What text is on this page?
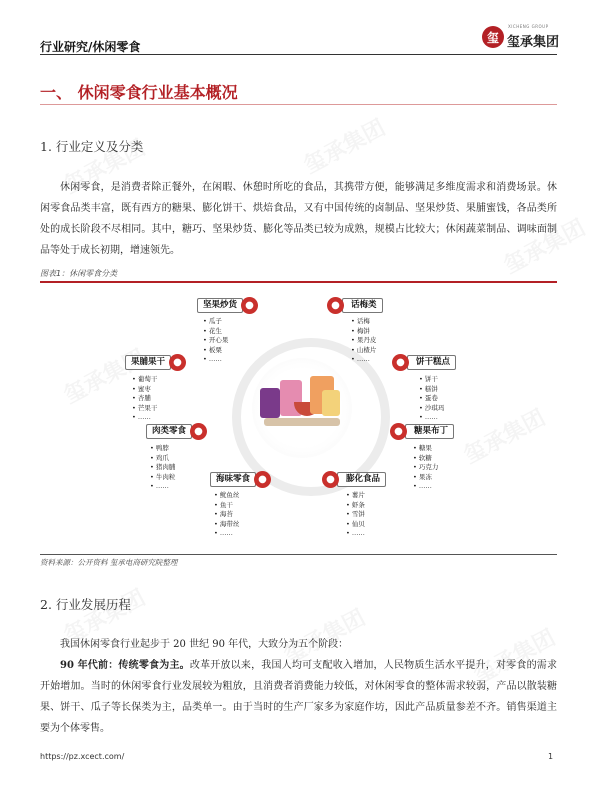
行业研究/休闲零食
玺
XICHENG GROUP
玺承集团
一、 休闲零食行业基本概况
1. 行业定义及分类
休闲零食，是消费者除正餐外，在闲暇、休憩时所吃的食品，其携带方便，能够满足多维度需求和消费场景。休闲零食品类丰富，既有西方的糖果、膨化饼干、烘焙食品，又有中国传统的卤制品、坚果炒货、果脯蜜饯，各品类所处的成长阶段不尽相同。其中，糖巧、坚果炒货、膨化等品类已较为成熟，规模占比较大；休闲蔬菜制品、调味面制品等处于成长初期，增速领先。
图表1：休闲零食分类
坚果炒货 ●
• 瓜子
• 花生
• 开心果
• 板栗
• ……
●	话梅类
• 话梅
• 梅饼
• 果丹皮
• 山楂片
• ……	●	饼干糕点
• 饼干
• 糕饼
• 蛋卷
• 沙琪玛
• ……
●	糖果布丁
• 糖果
• 软糖
• 巧克力
• 果冻
• ……
●	膨化食品
• 薯片
• 虾条
• 雪饼
• 仙贝
• ……
海味零食 ●
• 鱿鱼丝
• 鱼干
• 海苔
• 海带丝
• ……
肉类零食 ●
• 鸭脖
• 鸡爪
• 猪肉脯
• 牛肉粒
• ……
果脯果干 ●
• 葡萄干
• 蜜枣
• 杏脯
• 芒果干
• ……
资料来源：公开资料 玺承电商研究院整理
2. 行业发展历程
我国休闲零食行业起步于 20 世纪 90 年代，大致分为五个阶段：
90 年代前：传统零食为主。改革开放以来，我国人均可支配收入增加，人民物质生活水平提升，对零食的需求开始增加。当时的休闲零食行业发展较为粗放，且消费者消费能力较低，对休闲零食的整体需求较弱，产品以散装糖果、饼干、瓜子等长保类为主，品类单一。由于当时的生产厂家多为家庭作坊，因此产品质量参差不齐。销售渠道主要为个体零售。
https://pz.xcect.com/	1
